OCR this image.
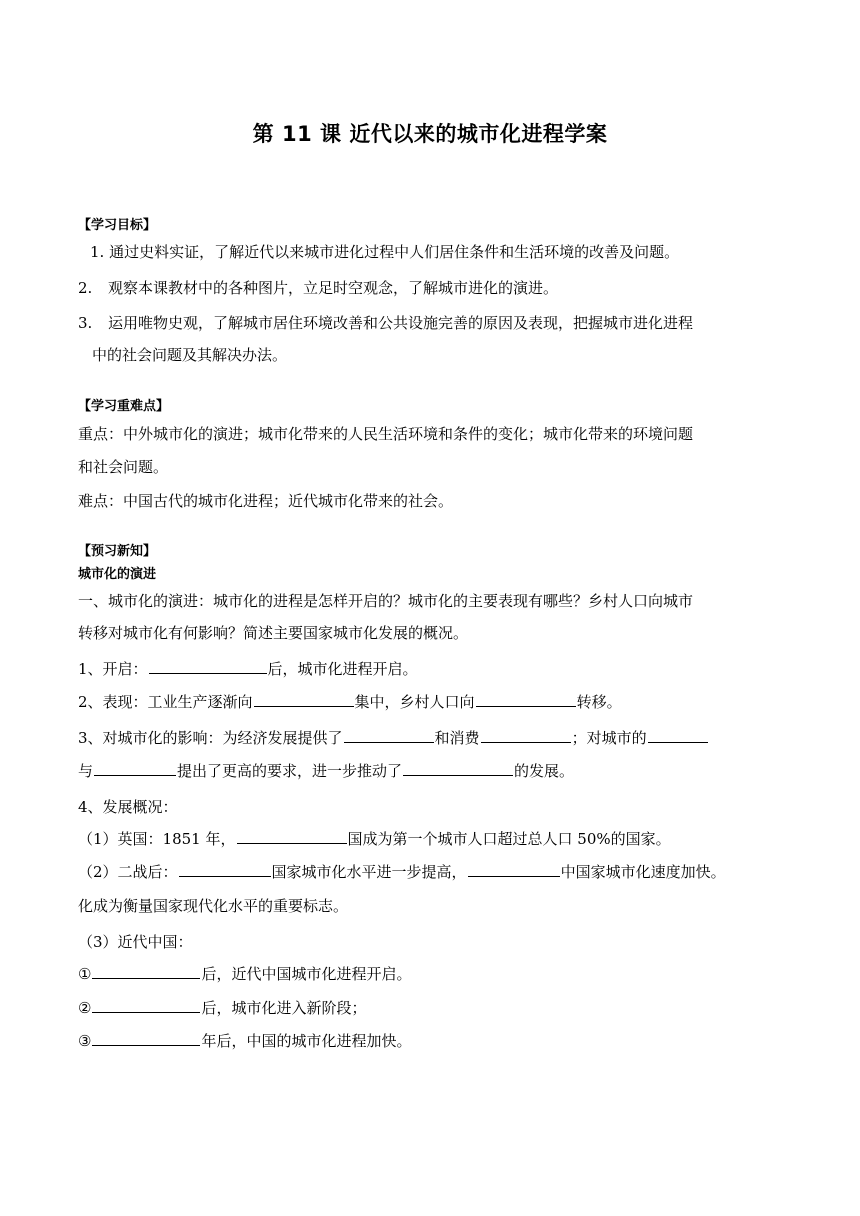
第 11 课 近代以来的城市化进程学案
【学习目标】
1. 通过史料实证，了解近代以来城市进化过程中人们居住条件和生活环境的改善及问题。
2. 观察本课教材中的各种图片，立足时空观念，了解城市进化的演进。
3. 运用唯物史观，了解城市居住环境改善和公共设施完善的原因及表现，把握城市进化进程
中的社会问题及其解决办法。
【学习重难点】
重点：中外城市化的演进；城市化带来的人民生活环境和条件的变化；城市化带来的环境问题
和社会问题。
难点：中国古代的城市化进程；近代城市化带来的社会。
【预习新知】
城市化的演进
一、城市化的演进：城市化的进程是怎样开启的？城市化的主要表现有哪些？乡村人口向城市
转移对城市化有何影响？简述主要国家城市化发展的概况。
1、开启：	后，城市化进程开启。
2、表现：工业生产逐渐向	集中，乡村人口向	转移。
3、对城市化的影响：为经济发展提供了	和消费	；对城市的
与	提出了更高的要求，进一步推动了	的发展。
4、发展概况：
（1）英国：1851 年，	国成为第一个城市人口超过总人口 50%的国家。
（2）二战后：	国家城市化水平进一步提高，	中国家城市化速度加快。
化成为衡量国家现代化水平的重要标志。
（3）近代中国：
①	后，近代中国城市化进程开启。
②	后，城市化进入新阶段；
③	年后，中国的城市化进程加快。
